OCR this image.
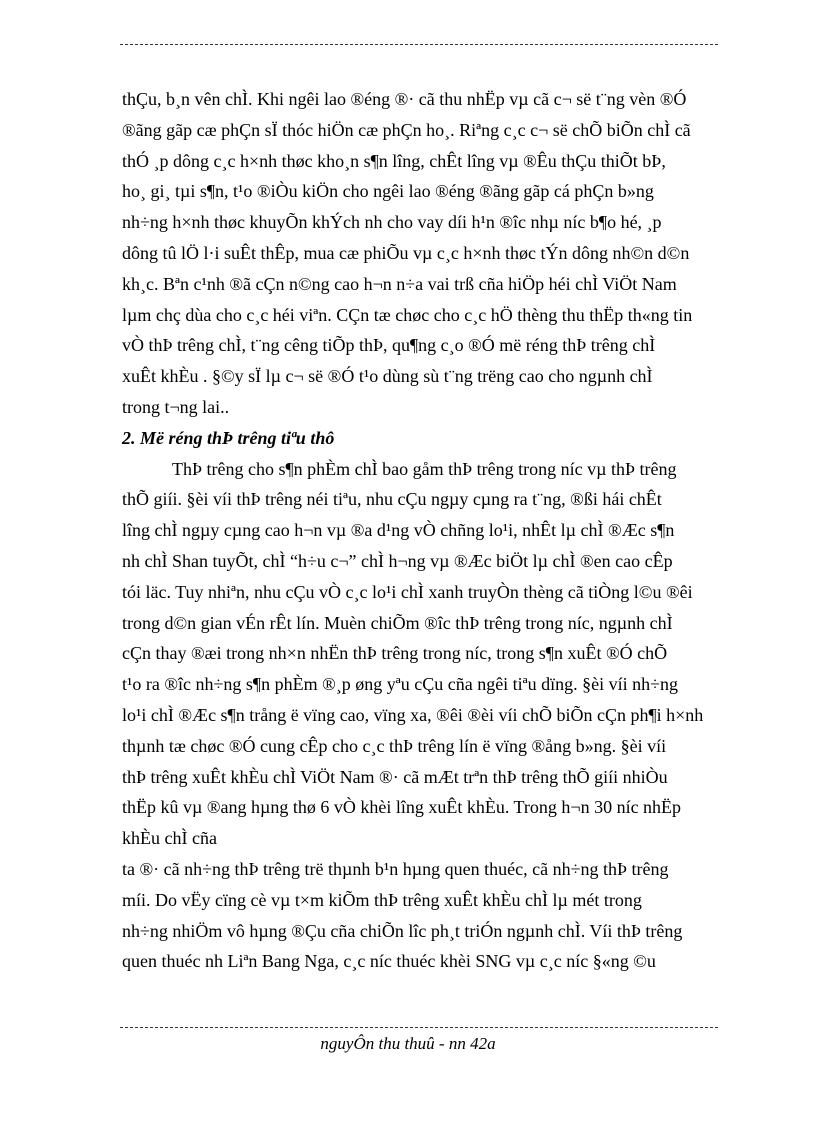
thÇu, b¸n vên chÌ. Khi ngêi lao ®éng ®· cã thu nhËp vµ cã c¬ së t¨ng vèn ®Ó

®ãng gãp cæ phÇn sÏ thóc hiÖn cæ phÇn ho¸. Riªng c¸c c¬ së chÕ biÕn chÌ cã

thÓ ¸p dông c¸c h×nh thøc kho¸n s¶n lîng, chÊt lîng vµ ®Êu thÇu thiÕt bÞ,

ho¸ gi¸ tµi s¶n, t¹o ®iÒu kiÖn cho ngêi lao ®éng ®ãng gãp cá phÇn b»ng

nh÷ng h×nh thøc khuyÕn khÝch nh cho vay díi h¹n ®îc nhµ níc b¶o hé, ¸p

dông tû lÖ l·i suÊt thÊp, mua cæ phiÕu vµ c¸c h×nh thøc tÝn dông nh©n d©n

kh¸c. Bªn c¹nh ®ã cÇn n©ng cao h¬n n÷a vai trß cña hiÖp héi chÌ ViÖt Nam

lµm chç dùa cho c¸c héi viªn. CÇn tæ chøc cho c¸c hÖ thèng thu thËp th«ng tin

vÒ thÞ trêng chÌ, t¨ng cêng tiÕp thÞ, qu¶ng c¸o ®Ó më réng thÞ trêng chÌ

xuÊt khÈu . §©y sÏ lµ c¬ së ®Ó t¹o dùng sù t¨ng trëng cao cho ngµnh chÌ

trong t¬ng lai..

2. Më réng thÞ trêng tiªu thô

ThÞ trêng cho s¶n phÈm chÌ bao gåm thÞ trêng trong níc vµ thÞ trêng

thÕ giíi. §èi víi thÞ trêng néi tiªu, nhu cÇu ngµy cµng ra t¨ng, ®ßi hái chÊt

lîng chÌ ngµy cµng cao h¬n vµ ®a d¹ng vÒ chñng lo¹i, nhÊt lµ chÌ ®Æc s¶n

nh chÌ Shan tuyÕt, chÌ “h÷u c¬” chÌ h¬ng vµ ®Æc biÖt lµ chÌ ®en cao cÊp

tói läc. Tuy nhiªn, nhu cÇu vÒ c¸c lo¹i chÌ xanh truyÒn thèng cã tiÒng l©u ®êi

trong d©n gian vÉn rÊt lín. Muèn chiÕm ®îc thÞ trêng trong níc, ngµnh chÌ

cÇn thay ®æi trong nh×n nhËn thÞ trêng trong níc, trong s¶n xuÊt ®Ó chÕ

t¹o ra ®îc nh÷ng s¶n phÈm ®¸p øng yªu cÇu cña ngêi tiªu dïng. §èi víi nh÷ng

lo¹i chÌ ®Æc s¶n trång ë vïng cao, vïng xa, ®êi ®èi víi chÕ biÕn cÇn ph¶i h×nh

thµnh tæ chøc ®Ó cung cÊp cho c¸c thÞ trêng lín ë vïng ®ång b»ng. §èi víi

thÞ trêng xuÊt khÈu chÌ ViÖt Nam ®· cã mÆt trªn thÞ trêng thÕ giíi nhiÒu

thËp kû vµ ®ang hµng thø 6 vÒ khèi lîng xuÊt khÈu. Trong h¬n 30 níc nhËp

khÈu chÌ cña

ta ®· cã nh÷ng thÞ trêng trë thµnh b¹n hµng quen thuéc, cã nh÷ng thÞ trêng

míi. Do vËy cïng cè vµ t×m kiÕm thÞ trêng xuÊt khÈu chÌ lµ mét trong

nh÷ng nhiÖm vô hµng ®Çu cña chiÕn lîc ph¸t triÓn ngµnh chÌ. Víi thÞ trêng

quen thuéc nh Liªn Bang Nga, c¸c níc thuéc khèi SNG vµ c¸c níc §«ng ©u

nguyÔn thu thuû - nn 42a
